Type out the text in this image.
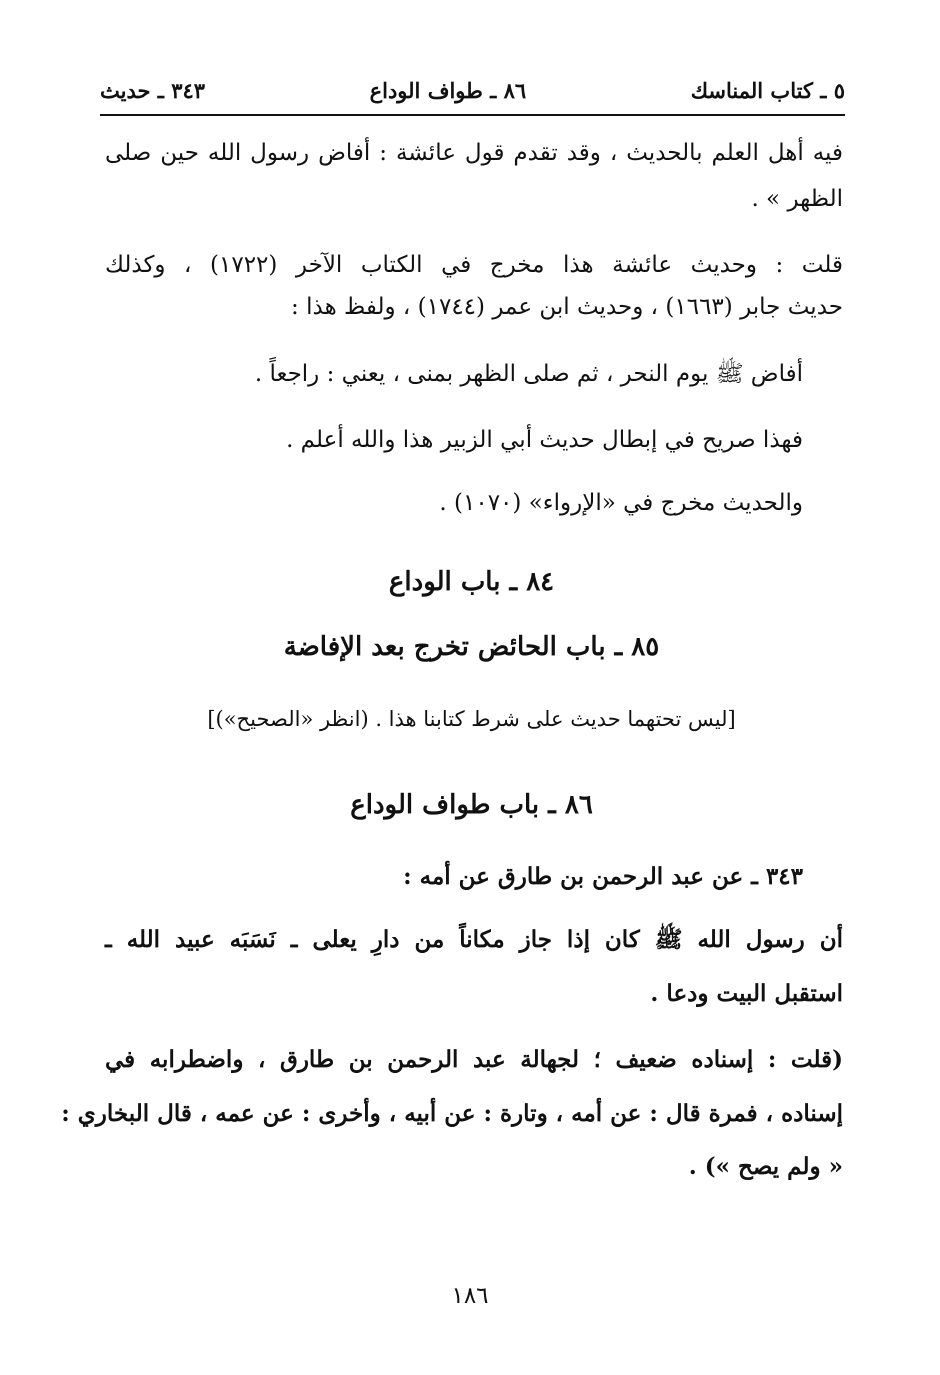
٥ ـ كتاب المناسك
٨٦ ـ طواف الوداع
٣٤٣ ـ حديث
فيه أهل العلم بالحديث ، وقد تقدم قول عائشة : أفاض رسول الله حين صلى
الظهر » .
قلت : وحديث عائشة هذا مخرج في الكتاب الآخر (١٧٢٢) ، وكذلك
حديث جابر (١٦٦٣) ، وحديث ابن عمر (١٧٤٤) ، ولفظ هذا :
أفاض ﷺ يوم النحر ، ثم صلى الظهر بمنى ، يعني : راجعاً .
فهذا صريح في إبطال حديث أبي الزبير هذا والله أعلم .
والحديث مخرج في «الإرواء» (١٠٧٠) .
٨٤ ـ باب الوداع
٨٥ ـ باب الحائض تخرج بعد الإفاضة
[ليس تحتهما حديث على شرط كتابنا هذا . (انظر «الصحيح»)]
٨٦ ـ باب طواف الوداع
٣٤٣ ـ عن عبد الرحمن بن طارق عن أمه :
أن رسول الله ﷺ كان إذا جاز مكاناً من دارِ يعلى ـ نَسَبَه عبيد الله ـ
استقبل البيت ودعا .
(قلت : إسناده ضعيف ؛ لجهالة عبد الرحمن بن طارق ، واضطرابه في
إسناده ، فمرة قال : عن أمه ، وتارة : عن أبيه ، وأخرى : عن عمه ، قال البخاري :
« ولم يصح ») .
١٨٦
